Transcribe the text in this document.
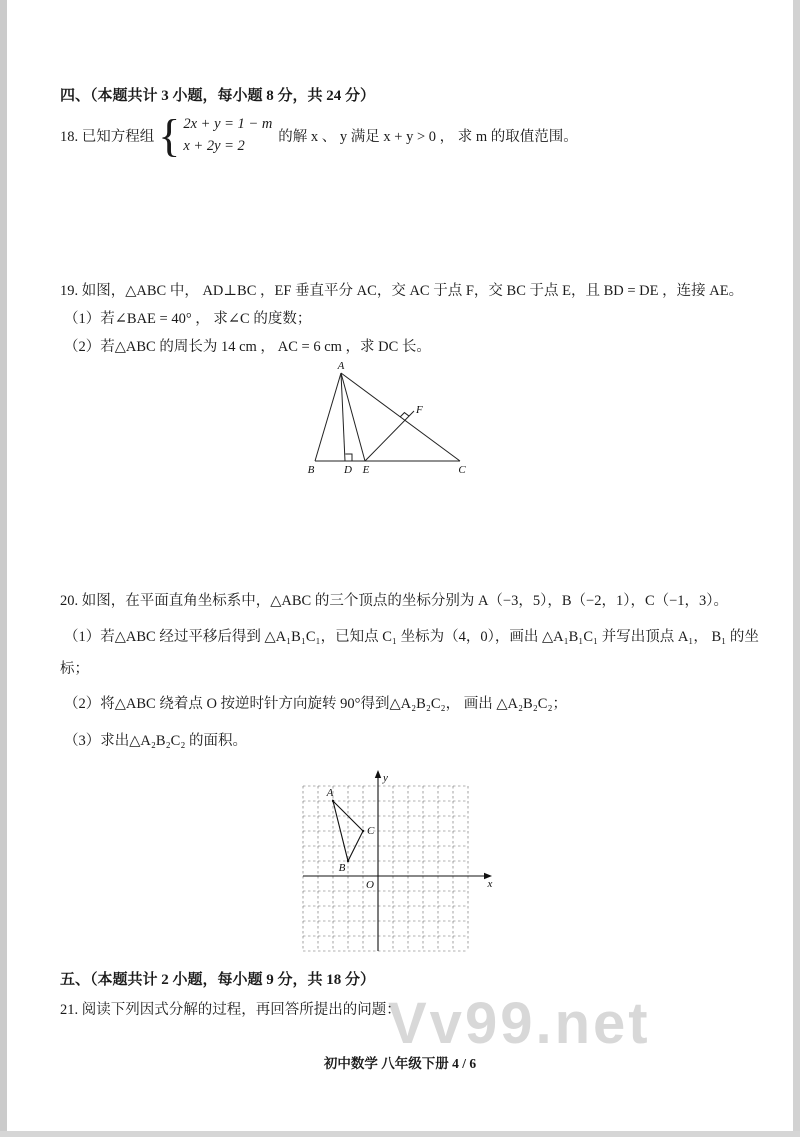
Vv99.net
四、（本题共计 3 小题，每小题 8 分，共 24 分）
18. 已知方程组 { 2x + y = 1 − m
x + 2y = 2
的解 x 、 y 满足 x + y > 0 ， 求 m 的取值范围。
19. 如图，△ABC 中， AD⊥BC ，EF 垂直平分 AC，交 AC 于点 F，交 BC 于点 E，且 BD = DE ，连接 AE。
（1）若∠BAE = 40° ， 求∠C 的度数；
（2）若△ABC 的周长为 14 cm ， AC = 6 cm ，求 DC 长。
A
B	D E	C
F
20. 如图，在平面直角坐标系中，△ABC 的三个顶点的坐标分别为 A（−3，5），B（−2，1），C（−1，3）。
（1）若△ABC 经过平移后得到 △A₁B₁C₁，已知点 C₁ 坐标为（4，0），画出 △A₁B₁C₁ 并写出顶点 A₁， B₁ 的坐
标；
（2）将△ABC 绕着点 O 按逆时针方向旋转 90°得到△A₂B₂C₂， 画出 △A₂B₂C₂；
（3）求出△A₂B₂C₂ 的面积。
A
B
C
O	x
y
五、（本题共计 2 小题，每小题 9 分，共 18 分）
21. 阅读下列因式分解的过程，再回答所提出的问题：
初中数学 八年级下册 4 / 6
